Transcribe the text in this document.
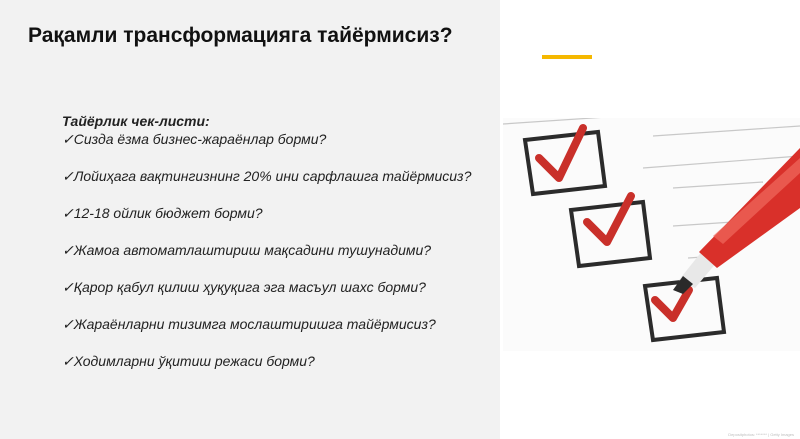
Рақамли трансформацияга тайёрмисиз?
Тайёрлик чек-листи:
✓Сизда ёзма бизнес-жараёнлар борми?
✓Лойиҳага вақтингизнинг 20% ини сарфлашга тайёрмисиз?
✓12-18 ойлик бюджет борми?
✓Жамоа автоматлаштириш мақсадини тушунадими?
✓Қарор қабул қилиш ҳуқуқига эга масъул шахс борми?
✓Жараёнларни тизимга мослаштиришга тайёрмисиз?
✓Ходимларни ўқитиш режаси борми?
Depositphotos: ******* | Getty Images
